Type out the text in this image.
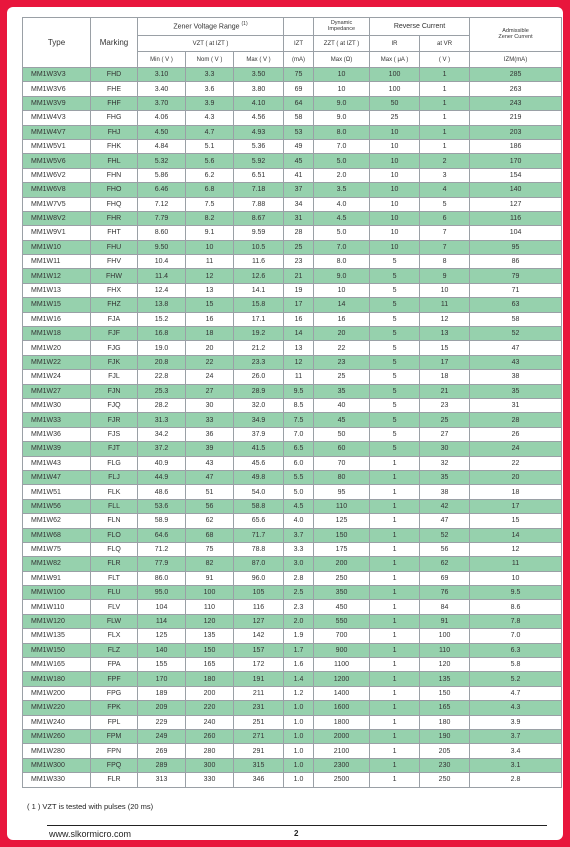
Type	Marking	Zener Voltage Range $^{(1)}$				Dynamic
Impedance	Reverse Current		Admissible
Zener Current
		VZT ( at IZT )			IZT	ZZT ( at IZT )	IR	at VR	
		Min ( V )	Nom ( V )	Max ( V )	(mA)	Max (Ω)	Max ( μA )	( V )	IZM(mA)
MM1W3V3	FHD	3.10	3.3	3.50	75	10	100	1	285
MM1W3V6	FHE	3.40	3.6	3.80	69	10	100	1	263
MM1W3V9	FHF	3.70	3.9	4.10	64	9.0	50	1	243
MM1W4V3	FHG	4.06	4.3	4.56	58	9.0	25	1	219
MM1W4V7	FHJ	4.50	4.7	4.93	53	8.0	10	1	203
MM1W5V1	FHK	4.84	5.1	5.36	49	7.0	10	1	186
MM1W5V6	FHL	5.32	5.6	5.92	45	5.0	10	2	170
MM1W6V2	FHN	5.86	6.2	6.51	41	2.0	10	3	154
MM1W6V8	FHO	6.46	6.8	7.18	37	3.5	10	4	140
MM1W7V5	FHQ	7.12	7.5	7.88	34	4.0	10	5	127
MM1W8V2	FHR	7.79	8.2	8.67	31	4.5	10	6	116
MM1W9V1	FHT	8.60	9.1	9.59	28	5.0	10	7	104
MM1W10	FHU	9.50	10	10.5	25	7.0	10	7	95
MM1W11	FHV	10.4	11	11.6	23	8.0	5	8	86
MM1W12	FHW	11.4	12	12.6	21	9.0	5	9	79
MM1W13	FHX	12.4	13	14.1	19	10	5	10	71
MM1W15	FHZ	13.8	15	15.8	17	14	5	11	63
MM1W16	FJA	15.2	16	17.1	16	16	5	12	58
MM1W18	FJF	16.8	18	19.2	14	20	5	13	52
MM1W20	FJG	19.0	20	21.2	13	22	5	15	47
MM1W22	FJK	20.8	22	23.3	12	23	5	17	43
MM1W24	FJL	22.8	24	26.0	11	25	5	18	38
MM1W27	FJN	25.3	27	28.9	9.5	35	5	21	35
MM1W30	FJQ	28.2	30	32.0	8.5	40	5	23	31
MM1W33	FJR	31.3	33	34.9	7.5	45	5	25	28
MM1W36	FJS	34.2	36	37.9	7.0	50	5	27	26
MM1W39	FJT	37.2	39	41.5	6.5	60	5	30	24
MM1W43	FLG	40.9	43	45.6	6.0	70	1	32	22
MM1W47	FLJ	44.9	47	49.8	5.5	80	1	35	20
MM1W51	FLK	48.6	51	54.0	5.0	95	1	38	18
MM1W56	FLL	53.6	56	58.8	4.5	110	1	42	17
MM1W62	FLN	58.9	62	65.6	4.0	125	1	47	15
MM1W68	FLO	64.6	68	71.7	3.7	150	1	52	14
MM1W75	FLQ	71.2	75	78.8	3.3	175	1	56	12
MM1W82	FLR	77.9	82	87.0	3.0	200	1	62	11
MM1W91	FLT	86.0	91	96.0	2.8	250	1	69	10
MM1W100	FLU	95.0	100	105	2.5	350	1	76	9.5
MM1W110	FLV	104	110	116	2.3	450	1	84	8.6
MM1W120	FLW	114	120	127	2.0	550	1	91	7.8
MM1W135	FLX	125	135	142	1.9	700	1	100	7.0
MM1W150	FLZ	140	150	157	1.7	900	1	110	6.3
MM1W165	FPA	155	165	172	1.6	1100	1	120	5.8
MM1W180	FPF	170	180	191	1.4	1200	1	135	5.2
MM1W200	FPG	189	200	211	1.2	1400	1	150	4.7
MM1W220	FPK	209	220	231	1.0	1600	1	165	4.3
MM1W240	FPL	229	240	251	1.0	1800	1	180	3.9
MM1W260	FPM	249	260	271	1.0	2000	1	190	3.7
MM1W280	FPN	269	280	291	1.0	2100	1	205	3.4
MM1W300	FPQ	289	300	315	1.0	2300	1	230	3.1
MM1W330	FLR	313	330	346	1.0	2500	1	250	2.8
( 1 ) VZT is tested with pulses (20 ms)
www.slkormicro.com	2
